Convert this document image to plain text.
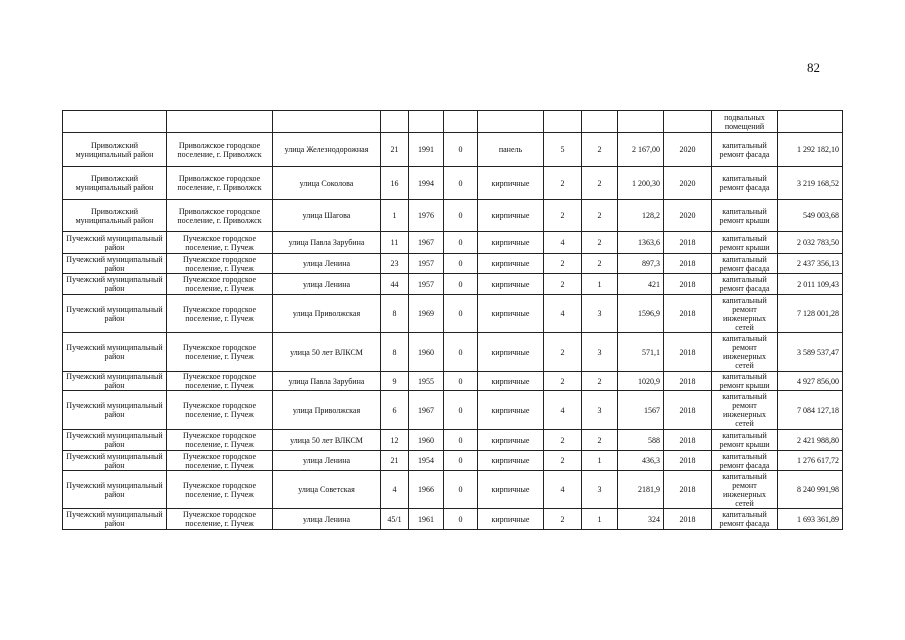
82
											подвальных помещений	
Приволжский муниципальный район	Приволжское городское поселение, г. Приволжск	улица Железнодорожная	21	1991	0	панель	5	2	2 167,00	2020	капитальный ремонт фасада	1 292 182,10
Приволжский муниципальный район	Приволжское городское поселение, г. Приволжск	улица Соколова	16	1994	0	кирпичные	2	2	1 200,30	2020	капитальный ремонт фасада	3 219 168,52
Приволжский муниципальный район	Приволжское городское поселение, г. Приволжск	улица Шагова	1	1976	0	кирпичные	2	2	128,2	2020	капитальный ремонт крыши	549 003,68
Пучежский муниципальный район	Пучежское городское поселение, г. Пучеж	улица Павла Зарубина	11	1967	0	кирпичные	4	2	1363,6	2018	капитальный ремонт крыши	2 032 783,50
Пучежский муниципальный район	Пучежское городское поселение, г. Пучеж	улица Ленина	23	1957	0	кирпичные	2	2	897,3	2018	капитальный ремонт фасада	2 437 356,13
Пучежский муниципальный район	Пучежское городское поселение, г. Пучеж	улица Ленина	44	1957	0	кирпичные	2	1	421	2018	капитальный ремонт фасада	2 011 109,43
Пучежский муниципальный район	Пучежское городское поселение, г. Пучеж	улица Приволжская	8	1969	0	кирпичные	4	3	1596,9	2018	капитальный ремонт инженерных сетей	7 128 001,28
Пучежский муниципальный район	Пучежское городское поселение, г. Пучеж	улица 50 лет ВЛКСМ	8	1960	0	кирпичные	2	3	571,1	2018	капитальный ремонт инженерных сетей	3 589 537,47
Пучежский муниципальный район	Пучежское городское поселение, г. Пучеж	улица Павла Зарубина	9	1955	0	кирпичные	2	2	1020,9	2018	капитальный ремонт крыши	4 927 856,00
Пучежский муниципальный район	Пучежское городское поселение, г. Пучеж	улица Приволжская	6	1967	0	кирпичные	4	3	1567	2018	капитальный ремонт инженерных сетей	7 084 127,18
Пучежский муниципальный район	Пучежское городское поселение, г. Пучеж	улица 50 лет ВЛКСМ	12	1960	0	кирпичные	2	2	588	2018	капитальный ремонт крыши	2 421 988,80
Пучежский муниципальный район	Пучежское городское поселение, г. Пучеж	улица Ленина	21	1954	0	кирпичные	2	1	436,3	2018	капитальный ремонт фасада	1 276 617,72
Пучежский муниципальный район	Пучежское городское поселение, г. Пучеж	улица Советская	4	1966	0	кирпичные	4	3	2181,9	2018	капитальный ремонт инженерных сетей	8 240 991,98
Пучежский муниципальный район	Пучежское городское поселение, г. Пучеж	улица Ленина	45/1	1961	0	кирпичные	2	1	324	2018	капитальный ремонт фасада	1 693 361,89
